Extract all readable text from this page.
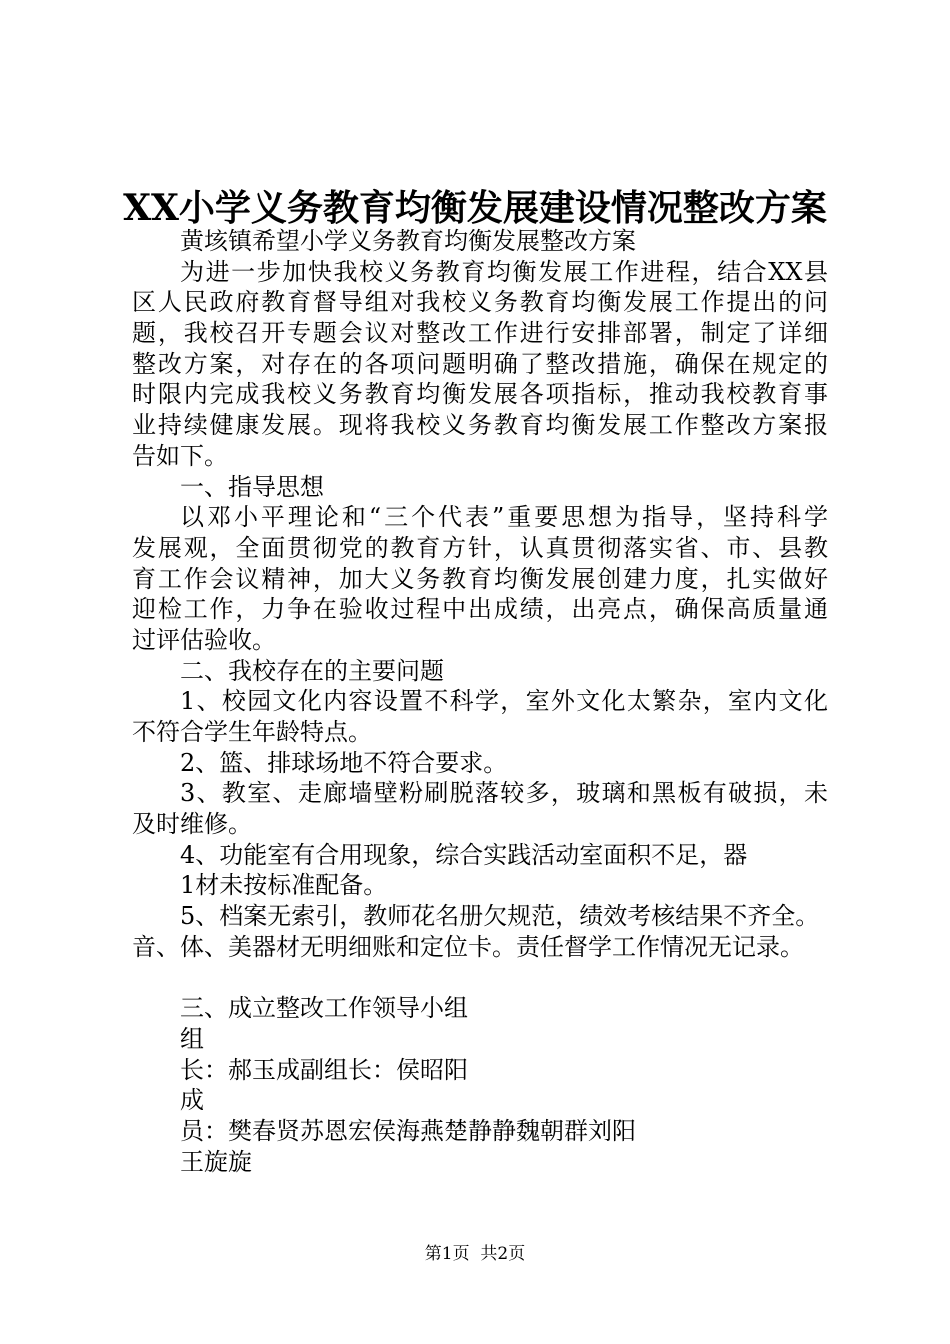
XX小学义务教育均衡发展建设情况整改方案
黄垓镇希望小学义务教育均衡发展整改方案
为进一步加快我校义务教育均衡发展工作进程，结合XX县
区人民政府教育督导组对我校义务教育均衡发展工作提出的问
题，我校召开专题会议对整改工作进行安排部署，制定了详细
整改方案，对存在的各项问题明确了整改措施，确保在规定的
时限内完成我校义务教育均衡发展各项指标，推动我校教育事
业持续健康发展。现将我校义务教育均衡发展工作整改方案报
告如下。
一、指导思想
以邓小平理论和“三个代表”重要思想为指导，坚持科学
发展观，全面贯彻党的教育方针，认真贯彻落实省、市、县教
育工作会议精神，加大义务教育均衡发展创建力度，扎实做好
迎检工作，力争在验收过程中出成绩，出亮点，确保高质量通
过评估验收。
二、我校存在的主要问题
1、校园文化内容设置不科学，室外文化太繁杂，室内文化
不符合学生年龄特点。
2、篮、排球场地不符合要求。
3、教室、走廊墙壁粉刷脱落较多，玻璃和黑板有破损，未
及时维修。
4、功能室有合用现象，综合实践活动室面积不足，器
1材未按标准配备。
5、档案无索引，教师花名册欠规范，绩效考核结果不齐全。
音、体、美器材无明细账和定位卡。责任督学工作情况无记录。
三、成立整改工作领导小组
组
长：郝玉成副组长：侯昭阳
成
员：樊春贤苏恩宏侯海燕楚静静魏朝群刘阳
王旋旋
第1页  共2页
